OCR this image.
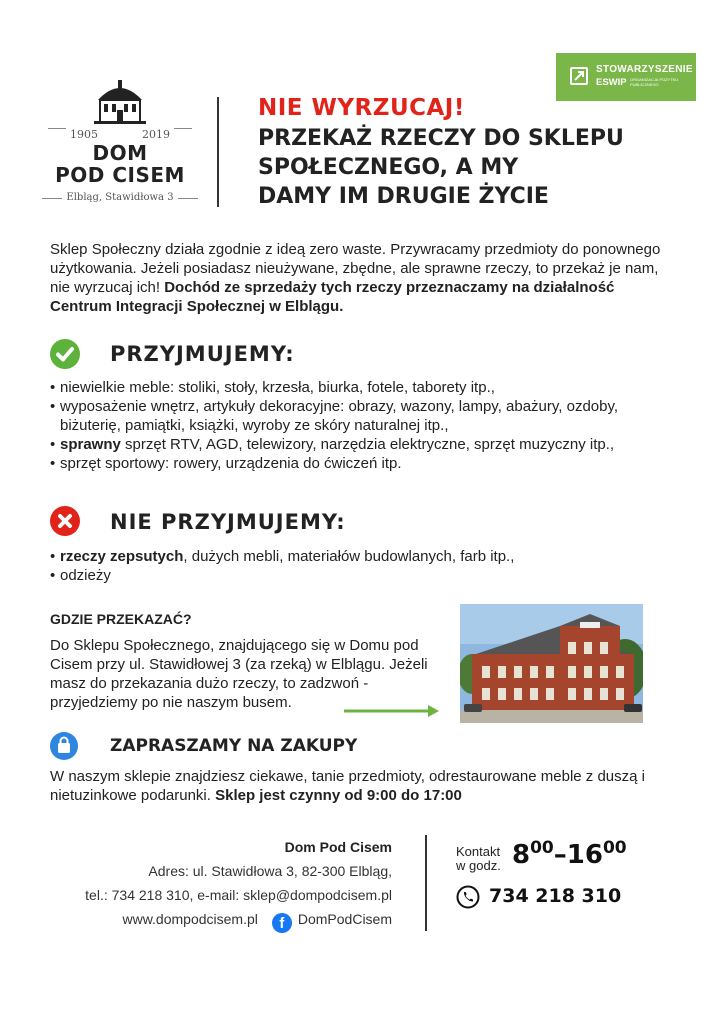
1905	2019
DOM
POD CISEM
Elbląg, Stawidłowa 3
NIE WYRZUCAJ!
PRZEKAŻ RZECZY DO SKLEPU
SPOŁECZNEGO, A MY
DAMY IM DRUGIE ŻYCIE
STOWARZYSZENIE
ESWIP ORGANIZACJA POŻYTKU PUBLICZNEGO
Sklep Społeczny działa zgodnie z ideą zero waste. Przywracamy przedmioty do ponownego użytkowania. Jeżeli posiadasz nieużywane, zbędne, ale sprawne rzeczy, to przekaż je nam, nie wyrzucaj ich! Dochód ze sprzedaży tych rzeczy przeznaczamy na działalność Centrum Integracji Społecznej w Elblągu.
PRZYJMUJEMY:
• niewielkie meble: stoliki, stoły, krzesła, biurka, fotele, taborety itp.,
• wyposażenie wnętrz, artykuły dekoracyjne: obrazy, wazony, lampy, abażury, ozdoby, biżuterię, pamiątki, książki, wyroby ze skóry naturalnej itp.,
• sprawny sprzęt RTV, AGD, telewizory, narzędzia elektryczne, sprzęt muzyczny itp.,
• sprzęt sportowy: rowery, urządzenia do ćwiczeń itp.
NIE PRZYJMUJEMY:
• rzeczy zepsutych, dużych mebli, materiałów budowlanych, farb itp.,
• odzieży
GDZIE PRZEKAZAĆ?
Do Sklepu Społecznego, znajdującego się w Domu pod Cisem przy ul. Stawidłowej 3 (za rzeką) w Elblągu. Jeżeli masz do przekazania dużo rzeczy, to zadzwoń - przyjedziemy po nie naszym busem.
ZAPRASZAMY NA ZAKUPY
W naszym sklepie znajdziesz ciekawe, tanie przedmioty, odrestaurowane meble z duszą i nietuzinkowe podarunki. Sklep jest czynny od 9:00 do 17:00
Dom Pod Cisem
Adres: ul. Stawidłowa 3, 82-300 Elbląg,
tel.: 734 218 310, e-mail: sklep@dompodcisem.pl
www.dompodcisem.pl f DomPodCisem
Kontakt
w godz. $8^{00}-16^{00}$
734 218 310
